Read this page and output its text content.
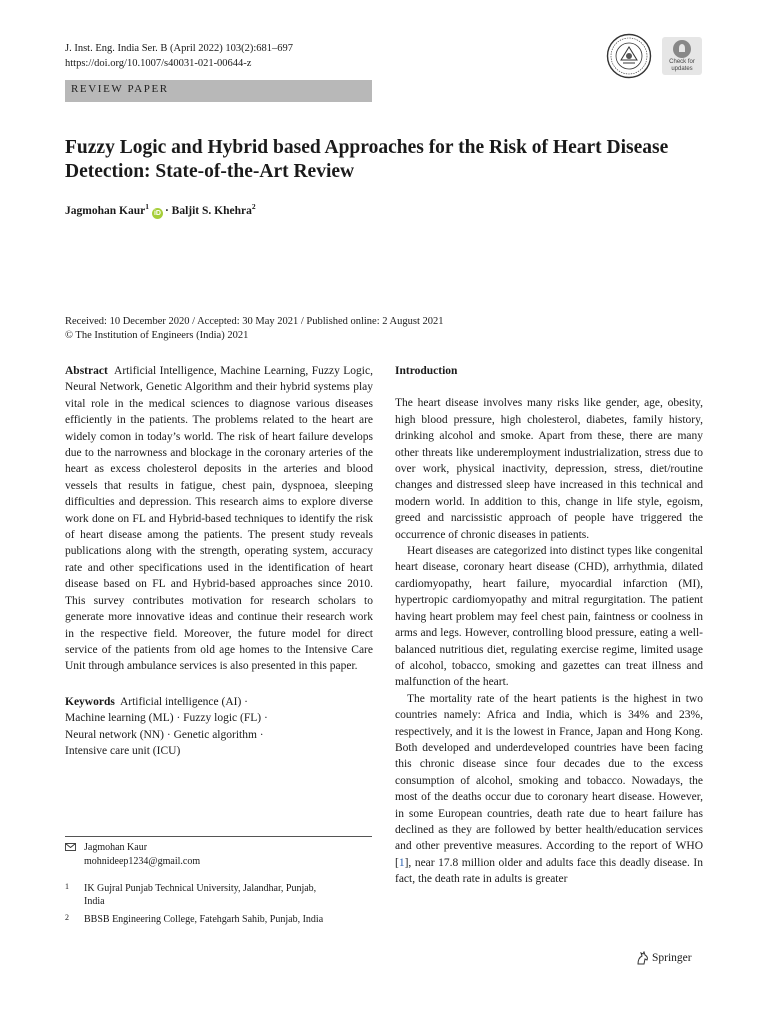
J. Inst. Eng. India Ser. B (April 2022) 103(2):681–697
https://doi.org/10.1007/s40031-021-00644-z
REVIEW PAPER
Check for
updates
Fuzzy Logic and Hybrid based Approaches for the Risk of Heart Disease Detection: State-of-the-Art Review
Jagmohan Kaur$^1$iD · Baljit S. Khehra$^2$
Received: 10 December 2020 / Accepted: 30 May 2021 / Published online: 2 August 2021
© The Institution of Engineers (India) 2021

Abstract Artificial Intelligence, Machine Learning, Fuzzy Logic, Neural Network, Genetic Algorithm and their hybrid systems play vital role in the medical sciences to diagnose various diseases efficiently in the patients. The problems related to the heart are widely comon in today’s world. The risk of heart failure develops due to the narrowness and blockage in the coronary arteries of the heart as excess cholesterol deposits in the arteries and blood vessels that results in fatigue, chest pain, dyspnoea, sleeping difficulties and depression. This research aims to explore diverse work done on FL and Hybrid-based techniques to identify the risk of heart disease among the patients. The present study reveals publications along with the strength, operating system, accuracy rate and other specifications used in the identification of heart disease based on FL and Hybrid-based approaches since 2010. This survey contributes motivation for research scholars to generate more innovative ideas and continue their research work in the respective field. Moreover, the future model for direct service of the patients from old age homes to the Intensive Care Unit through ambulance services is also presented in this paper.

Keywords Artificial intelligence (AI) ·
Machine learning (ML) · Fuzzy logic (FL) ·
Neural network (NN) · Genetic algorithm ·
Intensive care unit (ICU)
Jagmohan Kaur
mohnideep1234@gmail.com
1 IK Gujral Punjab Technical University, Jalandhar, Punjab,
India
2 BBSB Engineering College, Fatehgarh Sahib, Punjab, India
Introduction

The heart disease involves many risks like gender, age, obesity, high blood pressure, high cholesterol, diabetes, family history, drinking alcohol and smoke. Apart from these, there are many other threats like underemployment industrialization, stress due to over work, physical inactivity, depression, stress, diet/routine changes and distressed sleep have increased in this technical and modern world. In addition to this, change in life style, egoism, greed and narcissistic approach of people have triggered the occurrence of chronic diseases in patients.

Heart diseases are categorized into distinct types like congenital heart disease, coronary heart disease (CHD), arrhythmia, dilated cardiomyopathy, heart failure, myocardial infarction (MI), hypertropic cardiomyopathy and mitral regurgitation. The patient having heart problem may feel chest pain, faintness or coolness in arms and legs. However, controlling blood pressure, eating a well-balanced nutritious diet, regulating exercise regime, limited usage of alcohol, tobacco, smoking and gazettes can treat illness and malfunction of the heart.

The mortality rate of the heart patients is the highest in two countries namely: Africa and India, which is 34% and 23%, respectively, and it is the lowest in France, Japan and Hong Kong. Both developed and underdeveloped countries have been facing this chronic disease since four decades due to the excess consumption of alcohol, smoking and tobacco. Nowadays, the most of the deaths occur due to coronary heart disease. However, in some European countries, death rate due to heart failure has declined as they are followed by better health/education services and other preventive measures. According to the report of WHO [1], near 17.8 million older and adults face this deadly disease. In fact, the death rate in adults is greater

Springer
